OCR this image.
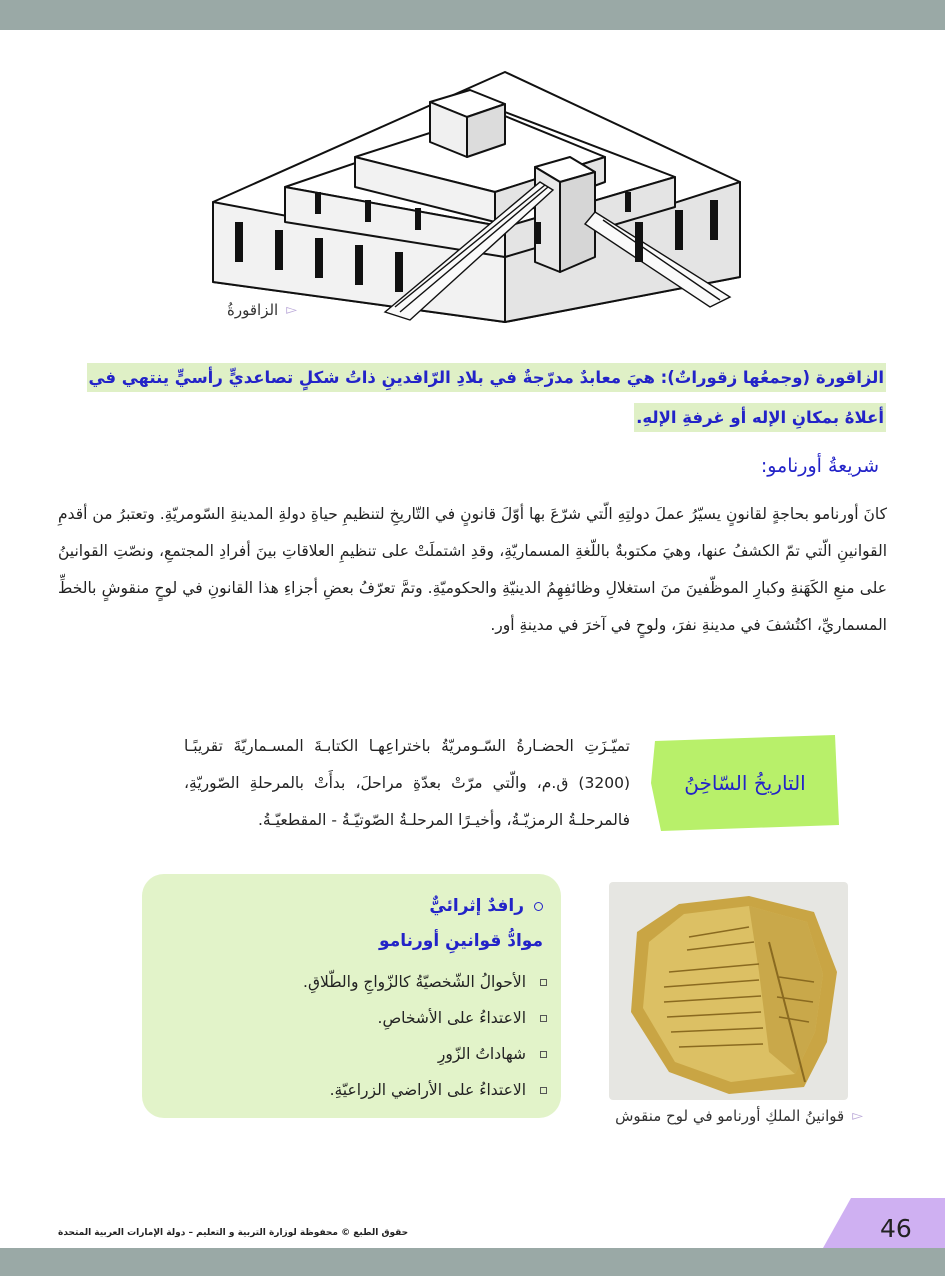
▻
الزاقورةُ
الزاقورة (وجمعُها زقوراتٌ): هيَ معابدٌ مدرّجةٌ في بلادِ الرّافدينِ ذاتُ شكلٍ تصاعديٍّ رأسيٍّ ينتهي في أعلاهُ بمكانِ الإله أو غرفةِ الإلهِ.
شريعةُ أورنامو:
كانَ أورنامو بحاجةٍ لقانونٍ يسيّرُ عملَ دولتِهِ الّتي شرّعَ بها أوّلَ قانونٍ في التّاريخِ لتنظيمِ حياةِ دولةِ المدينةِ السّومريّةِ. وتعتبرُ من أقدمِ القوانينِ الّتي تمّ الكشفُ عنها، وهيَ مكتوبةٌ باللّغةِ المسماريّةِ، وقدِ اشتملَتْ على تنظيمِ العلاقاتِ بينَ أفرادِ المجتمعِ، ونصّتِ القوانينُ على منعِ الكَهَنةِ وكبارِ الموظّفينَ منَ استغلالِ وظائفِهِمُ الدينيّةِ والحكوميّةِ. وتمَّ تعرّفُ بعضِ أجزاءِ هذا القانونِ في لوحٍ منقوشٍ بالخطِّ المسماريِّ، اكتُشفَ في مدينةِ نفرَ، ولوحٍ في آخرَ في مدينةِ أور.
التاريخُ السّاخِنُ
تميّـزَتِ الحضـارةُ السّـومريّةُ باختراعِهـا الكتابـةَ المسـماريّةَ تقريبًـا (3200) ق.م، والّتي مرّتْ بعدّةِ مراحلَ، بدأَتْ بالمرحلةِ الصّوريّةِ، فالمرحلـةُ الرمزيّـةُ، وأخيـرًا المرحلـةُ الصّوتيّـةُ - المقطعيّـةُ.
▻
قوانينُ الملكِ أورنامو في لوح منقوش
رافدٌ إثرائيٌّ
موادُّ قوانينِ أورنامو
الأحوالُ الشّخصيّةُ كالزّواجِ والطّلاقِ.
الاعتداءُ على الأشخاصِ.
شهاداتُ الزّورِ
الاعتداءُ على الأراضي الزراعيّةِ.
حقوق الطبع © محفوظة لوزارة التربية و التعليم – دولة الإمارات العربية المتحدة	46
